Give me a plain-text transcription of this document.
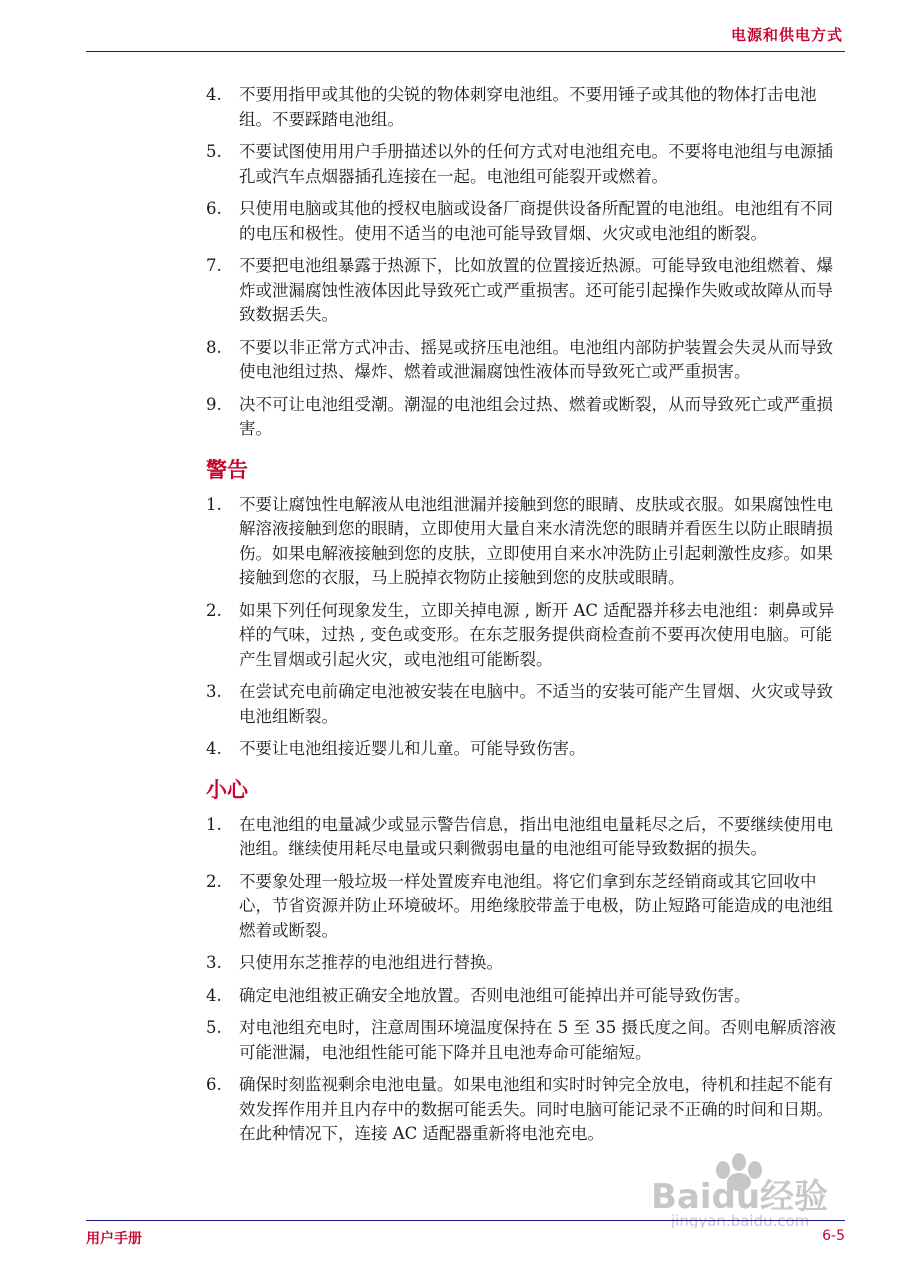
电源和供电方式
4. 不要用指甲或其他的尖锐的物体刺穿电池组。不要用锤子或其他的物体打击电池组。不要踩踏电池组。
5. 不要试图使用用户手册描述以外的任何方式对电池组充电。不要将电池组与电源插孔或汽车点烟器插孔连接在一起。电池组可能裂开或燃着。
6. 只使用电脑或其他的授权电脑或设备厂商提供设备所配置的电池组。电池组有不同的电压和极性。使用不适当的电池可能导致冒烟、火灾或电池组的断裂。
7. 不要把电池组暴露于热源下，比如放置的位置接近热源。可能导致电池组燃着、爆炸或泄漏腐蚀性液体因此导致死亡或严重损害。还可能引起操作失败或故障从而导致数据丢失。
8. 不要以非正常方式冲击、摇晃或挤压电池组。电池组内部防护装置会失灵从而导致使电池组过热、爆炸、燃着或泄漏腐蚀性液体而导致死亡或严重损害。
9. 决不可让电池组受潮。潮湿的电池组会过热、燃着或断裂，从而导致死亡或严重损害。
警告
1. 不要让腐蚀性电解液从电池组泄漏并接触到您的眼睛、皮肤或衣服。如果腐蚀性电解溶液接触到您的眼睛，立即使用大量自来水清洗您的眼睛并看医生以防止眼睛损伤。如果电解液接触到您的皮肤，立即使用自来水冲洗防止引起刺激性皮疹。如果接触到您的衣服，马上脱掉衣物防止接触到您的皮肤或眼睛。
2. 如果下列任何现象发生，立即关掉电源 , 断开 AC 适配器并移去电池组：刺鼻或异样的气味，过热 , 变色或变形。在东芝服务提供商检查前不要再次使用电脑。可能产生冒烟或引起火灾，或电池组可能断裂。
3. 在尝试充电前确定电池被安装在电脑中。不适当的安装可能产生冒烟、火灾或导致电池组断裂。
4. 不要让电池组接近婴儿和儿童。可能导致伤害。
小心
1. 在电池组的电量减少或显示警告信息，指出电池组电量耗尽之后，不要继续使用电池组。继续使用耗尽电量或只剩微弱电量的电池组可能导致数据的损失。
2. 不要象处理一般垃圾一样处置废弃电池组。将它们拿到东芝经销商或其它回收中心，节省资源并防止环境破坏。用绝缘胶带盖于电极，防止短路可能造成的电池组燃着或断裂。
3. 只使用东芝推荐的电池组进行替换。
4. 确定电池组被正确安全地放置。否则电池组可能掉出并可能导致伤害。
5. 对电池组充电时，注意周围环境温度保持在 5 至 35 摄氏度之间。否则电解质溶液可能泄漏，电池组性能可能下降并且电池寿命可能缩短。
6. 确保时刻监视剩余电池电量。如果电池组和实时时钟完全放电，待机和挂起不能有效发挥作用并且内存中的数据可能丢失。同时电脑可能记录不正确的时间和日期。在此种情况下，连接 AC 适配器重新将电池充电。
Baidu经验
jingyan.baidu.com
用户手册	6-5
